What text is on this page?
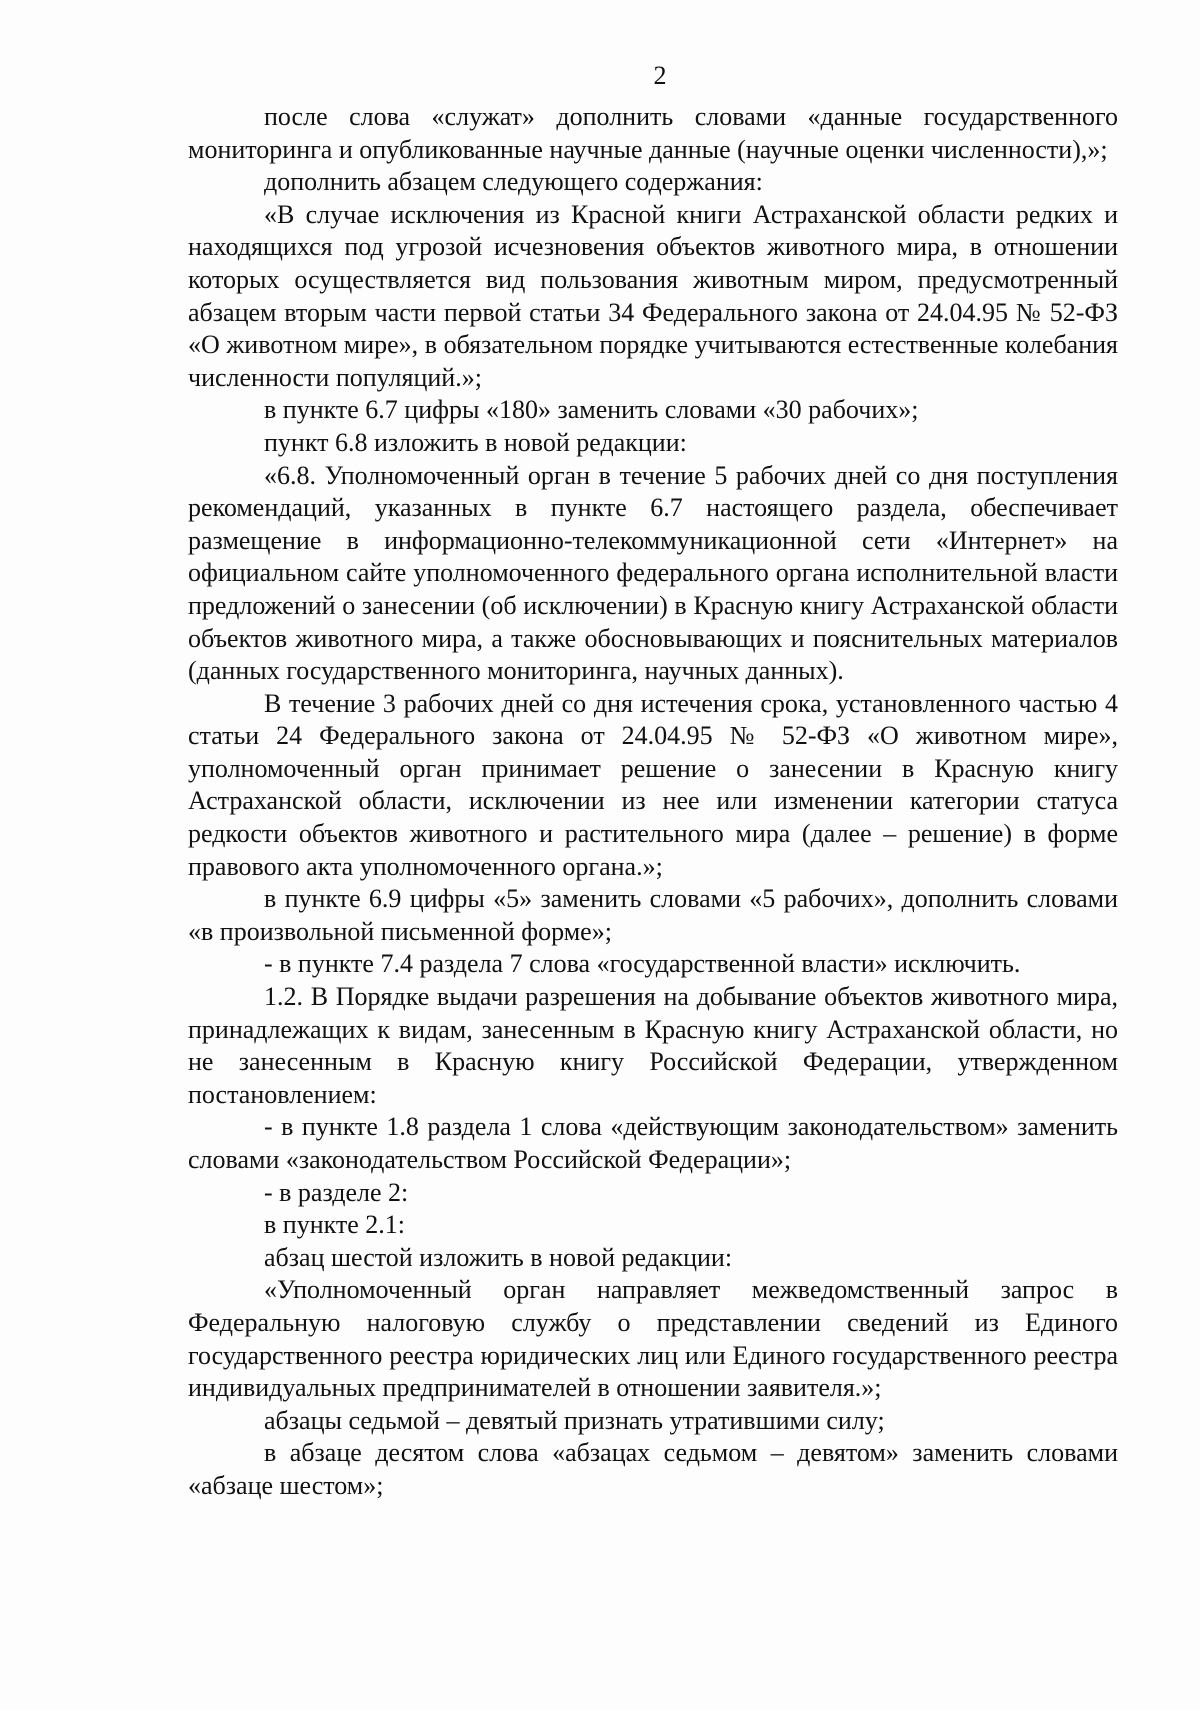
2

после слова «служат» дополнить словами «данные государственного мониторинга и опубликованные научные данные (научные оценки численности),»;

дополнить абзацем следующего содержания:

«В случае исключения из Красной книги Астраханской области редких и находящихся под угрозой исчезновения объектов животного мира, в отношении которых осуществляется вид пользования животным миром, предусмотренный абзацем вторым части первой статьи 34 Федерального закона от 24.04.95 № 52-ФЗ «О животном мире», в обязательном порядке учитываются естественные колебания численности популяций.»;

в пункте 6.7 цифры «180» заменить словами «30 рабочих»;

пункт 6.8 изложить в новой редакции:

«6.8. Уполномоченный орган в течение 5 рабочих дней со дня поступления рекомендаций, указанных в пункте 6.7 настоящего раздела, обеспечивает размещение в информационно-телекоммуникационной сети «Интернет» на официальном сайте уполномоченного федерального органа исполнительной власти предложений о занесении (об исключении) в Красную книгу Астраханской области объектов животного мира, а также обосновывающих и пояснительных материалов (данных государственного мониторинга, научных данных).

В течение 3 рабочих дней со дня истечения срока, установленного частью 4 статьи 24 Федерального закона от 24.04.95 № 52-ФЗ «О животном мире», уполномоченный орган принимает решение о занесении в Красную книгу Астраханской области, исключении из нее или изменении категории статуса редкости объектов животного и растительного мира (далее – решение) в форме правового акта уполномоченного органа.»;

в пункте 6.9 цифры «5» заменить словами «5 рабочих», дополнить словами «в произвольной письменной форме»;

- в пункте 7.4 раздела 7 слова «государственной власти» исключить.

1.2. В Порядке выдачи разрешения на добывание объектов животного мира, принадлежащих к видам, занесенным в Красную книгу Астраханской области, но не занесенным в Красную книгу Российской Федерации, утвержденном постановлением:

- в пункте 1.8 раздела 1 слова «действующим законодательством» заменить словами «законодательством Российской Федерации»;

- в разделе 2:

в пункте 2.1:

абзац шестой изложить в новой редакции:

«Уполномоченный орган направляет межведомственный запрос в Федеральную налоговую службу о представлении сведений из Единого государственного реестра юридических лиц или Единого государственного реестра индивидуальных предпринимателей в отношении заявителя.»;

абзацы седьмой – девятый признать утратившими силу;

в абзаце десятом слова «абзацах седьмом – девятом» заменить словами «абзаце шестом»;
